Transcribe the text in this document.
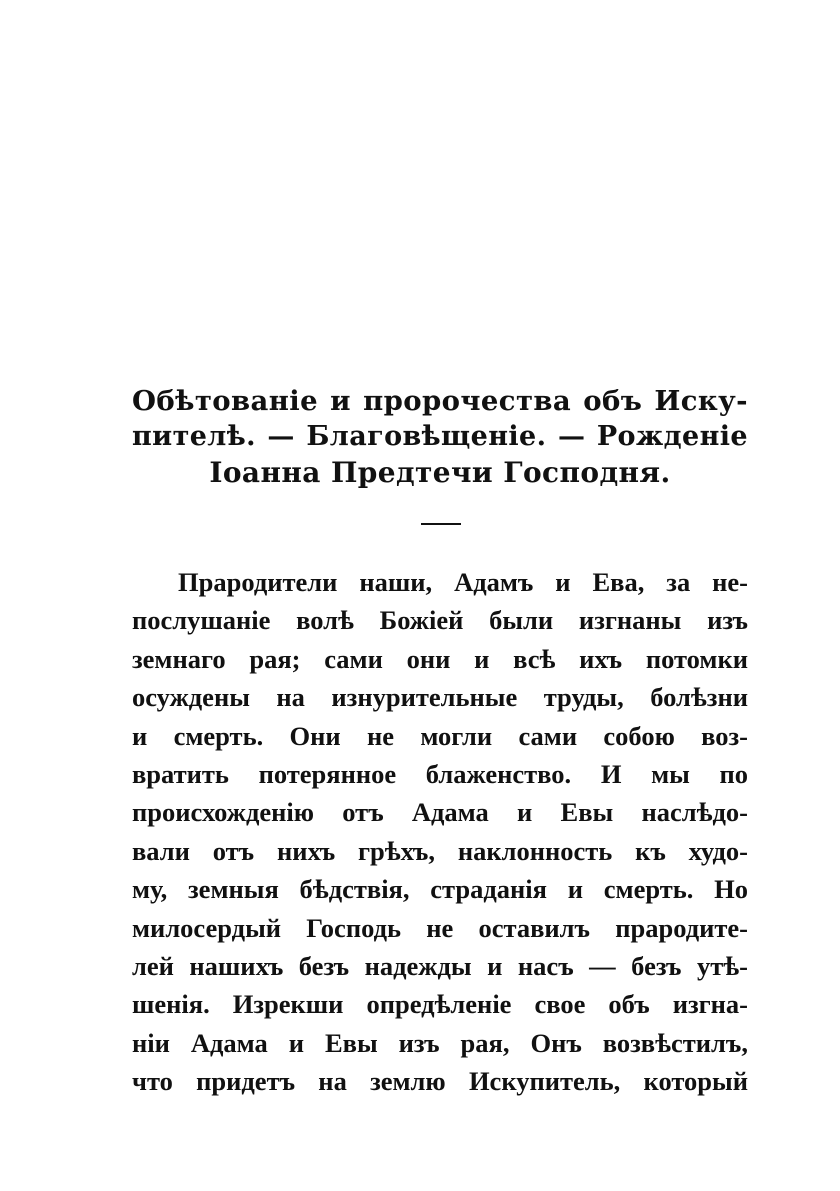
Обѣтованіе и пророчества объ Иску-
пителѣ. — Благовѣщеніе. — Рожденіе
Іоанна Предтечи Господня.
Прародители наши, Адамъ и Ева, за не-
послушаніе волѣ Божіей были изгнаны изъ
земнаго рая; сами они и всѣ ихъ потомки
осуждены на изнурительные труды, болѣзни
и смерть. Они не могли сами собою воз-
вратить потерянное блаженство. И мы по
происхожденію отъ Адама и Евы наслѣдо-
вали отъ нихъ грѣхъ, наклонность къ худо-
му, земныя бѣдствія, страданія и смерть. Но
милосердый Господь не оставилъ прародите-
лей нашихъ безъ надежды и насъ — безъ утѣ-
шенія. Изрекши опредѣленіе свое объ изгна-
ніи Адама и Евы изъ рая, Онъ возвѣстилъ,
что придетъ на землю Искупитель, который
